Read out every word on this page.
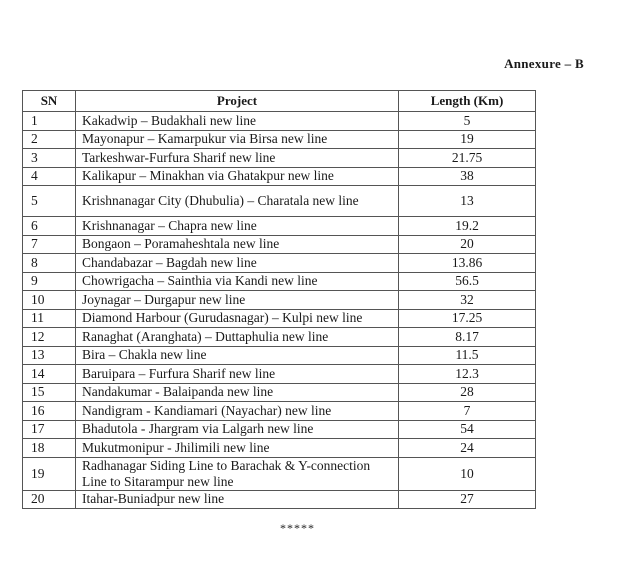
Annexure – B
SN	Project	Length (Km)
1	Kakadwip – Budakhali new line	5
2	Mayonapur – Kamarpukur via Birsa new line	19
3	Tarkeshwar-Furfura Sharif new line	21.75
4	Kalikapur – Minakhan via Ghatakpur new line	38
5	Krishnanagar City (Dhubulia) – Charatala new line	13
6	Krishnanagar – Chapra new line	19.2
7	Bongaon – Poramaheshtala new line	20
8	Chandabazar – Bagdah new line	13.86
9	Chowrigacha – Sainthia via Kandi new line	56.5
10	Joynagar – Durgapur new line	32
11	Diamond Harbour (Gurudasnagar) – Kulpi new line	17.25
12	Ranaghat (Aranghata) – Duttaphulia new line	8.17
13	Bira – Chakla new line	11.5
14	Baruipara – Furfura Sharif new line	12.3
15	Nandakumar - Balaipanda new line	28
16	Nandigram - Kandiamari (Nayachar) new line	7
17	Bhadutola - Jhargram via Lalgarh new line	54
18	Mukutmonipur - Jhilimili new line	24
19	Radhanagar Siding Line to Barachak & Y-connection Line to Sitarampur new line	10
20	Itahar-Buniadpur new line	27
*****
